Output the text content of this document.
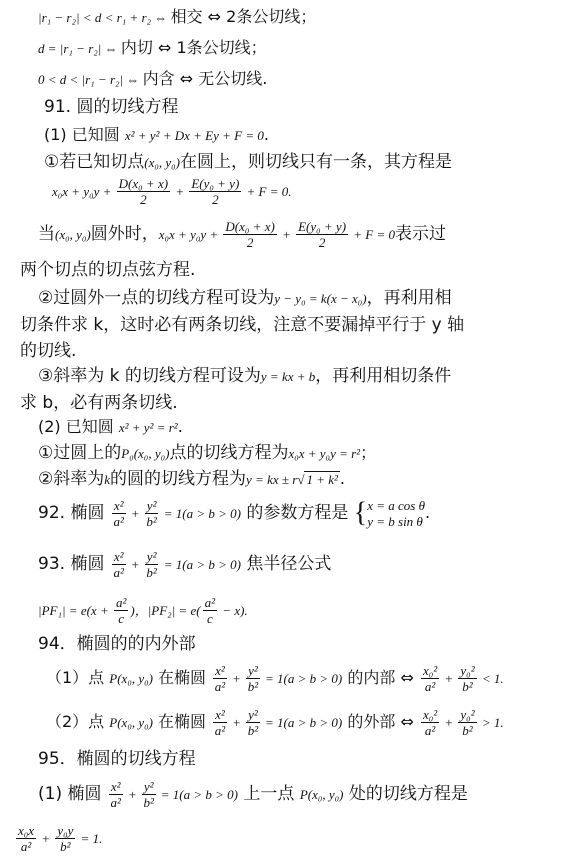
|r₁ − r₂| < d < r₁ + r₂ ⇔ 相交 ⇔ 2条公切线；
d = |r₁ − r₂| ⇔ 内切 ⇔ 1条公切线；
0 < d < |r₁ − r₂| ⇔ 内含 ⇔ 无公切线.
91. 圆的切线方程
(1) 已知圆 x² + y² + Dx + Ey + F = 0.
①若已知切点(x₀, y₀)在圆上，则切线只有一条，其方程是
$x_0x + y_0y + \frac{\text{D(x₀ + x)}}{2} + \frac{\text{E(y₀ + y)}}{2} + F = 0$.
当(x₀, y₀)圆外时，$x_0x + y_0y + \frac{\text{D(x₀ + x)}}{2} + \frac{\text{E(y₀ + y)}}{2} + F = 0$表示过
两个切点的切点弦方程.
②过圆外一点的切线方程可设为y − y₀ = k(x − x₀)，再利用相
切条件求 k，这时必有两条切线，注意不要漏掉平行于 y 轴
的切线.
③斜率为 k 的切线方程可设为y = kx + b，再利用相切条件
求 b，必有两条切线.
(2) 已知圆 x² + y² = r².
①过圆上的P₀(x₀, y₀)点的切线方程为x₀x + y₀y = r²；
②斜率为k的圆的切线方程为y = kx ± r√ 1 + k² .
92. 椭圆 $\frac{\text{x²}}{\text{a²}} + \frac{\text{y²}}{\text{b²}} = 1(a > b > 0)$ 的参数方程是 { x = a cos θ
y = b sin θ .
93. 椭圆 $\frac{\text{x²}}{\text{a²}} + \frac{\text{y²}}{\text{b²}} = 1(a > b > 0)$ 焦半径公式
$|PF_1| = e(x + \frac{\text{a²}}{c}$ )，$|PF_2| = e( \frac{\text{a²}}{c} - x)$.
94．椭圆的的内外部
（1）点 P(x₀, y₀) 在椭圆 $\frac{\text{x²}}{\text{a²}} + \frac{\text{y²}}{\text{b²}} = 1(a > b > 0)$ 的内部 ⇔ $\frac{\text{x₀²}}{\text{a²}} + \frac{\text{y₀²}}{\text{b²}} < 1$.
（2）点 P(x₀, y₀) 在椭圆 $\frac{\text{x²}}{\text{a²}} + \frac{\text{y²}}{\text{b²}} = 1(a > b > 0)$ 的外部 ⇔ $\frac{\text{x₀²}}{\text{a²}} + \frac{\text{y₀²}}{\text{b²}} > 1$.
95．椭圆的切线方程
(1) 椭圆 $\frac{\text{x²}}{\text{a²}} + \frac{\text{y²}}{\text{b²}} = 1(a > b > 0)$ 上一点 P(x₀, y₀) 处的切线方程是
$\frac{\text{x₀x}}{\text{a²}} + \frac{\text{y₀y}}{\text{b²}} = 1$.
